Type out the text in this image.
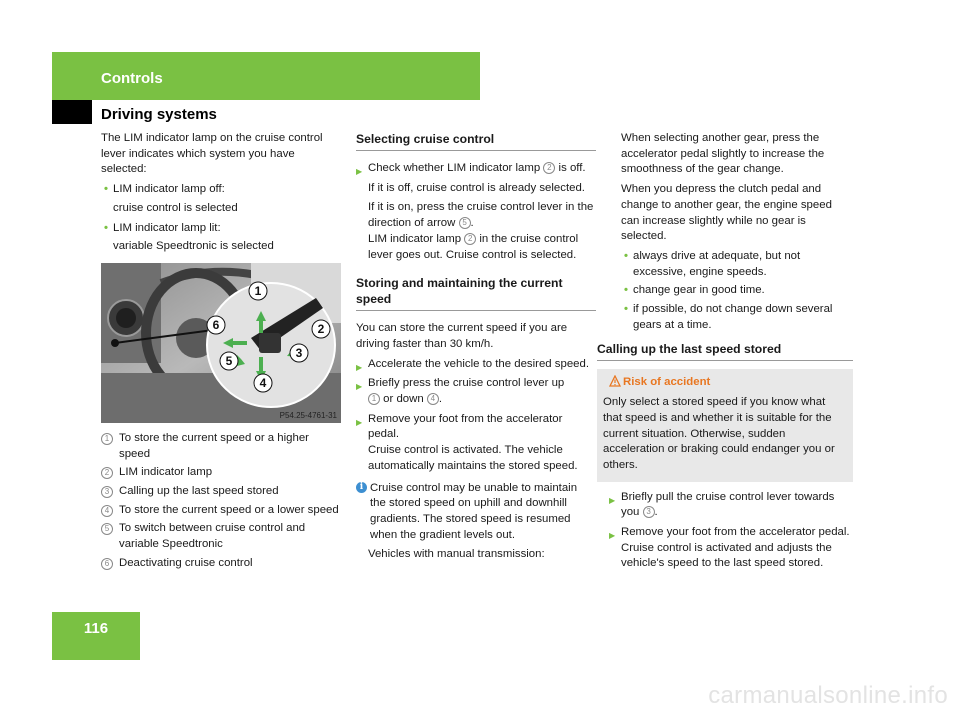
Controls
Driving systems

The LIM indicator lamp on the cruise control lever indicates which system you have selected:

• LIM indicator lamp off:
cruise control is selected
• LIM indicator lamp lit:
variable Speedtronic is selected
1
2
3
4
5
6
P54.25-4761-31
1 To store the current speed or a higher speed
2 LIM indicator lamp
3 Calling up the last speed stored
4 To store the current speed or a lower speed
5 To switch between cruise control and variable Speedtronic
6 Deactivating cruise control
Selecting cruise control
▶ Check whether LIM indicator lamp 2 is off.
If it is off, cruise control is already selected.
If it is on, press the cruise control lever in the direction of arrow 5 .
LIM indicator lamp 2 in the cruise control lever goes out. Cruise control is selected.
Storing and maintaining the current speed

You can store the current speed if you are driving faster than 30 km/h.

▶ Accelerate the vehicle to the desired speed.
▶ Briefly press the cruise control lever up
1 or down 4 .
▶ Remove your foot from the accelerator pedal.
Cruise control is activated. The vehicle automatically maintains the stored speed.
i Cruise control may be unable to maintain the stored speed on uphill and downhill gradients. The stored speed is resumed when the gradient levels out.
Vehicles with manual transmission:
When selecting another gear, press the accelerator pedal slightly to increase the smoothness of the gear change.
When you depress the clutch pedal and change to another gear, the engine speed can increase slightly while no gear is selected.
• always drive at adequate, but not excessive, engine speeds.
• change gear in good time.
• if possible, do not change down several gears at a time.
Calling up the last speed stored
Risk of accident
Only select a stored speed if you know what that speed is and whether it is suitable for the current situation. Otherwise, sudden acceleration or braking could endanger you or others.
▶ Briefly pull the cruise control lever towards you 3 .
▶ Remove your foot from the accelerator pedal.
Cruise control is activated and adjusts the vehicle's speed to the last speed stored.
116
carmanualsonline.info
